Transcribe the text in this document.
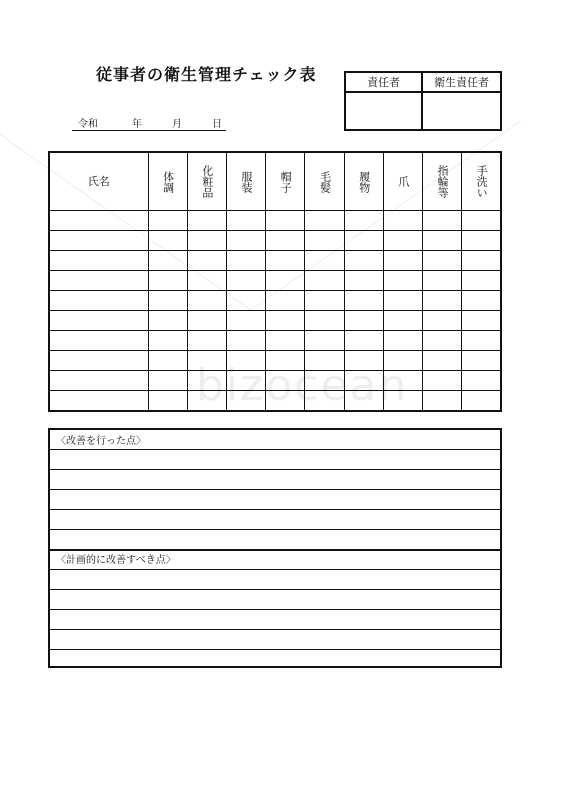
bizocean
従事者の衛生管理チェック表	責任者	衛生責任者
令和	年	月	日
氏名	体調	化粧品	服装	帽子	毛髪	履物	爪	指輪等	手洗い

〈改善を行った点〉
〈計画的に改善すべき点〉
